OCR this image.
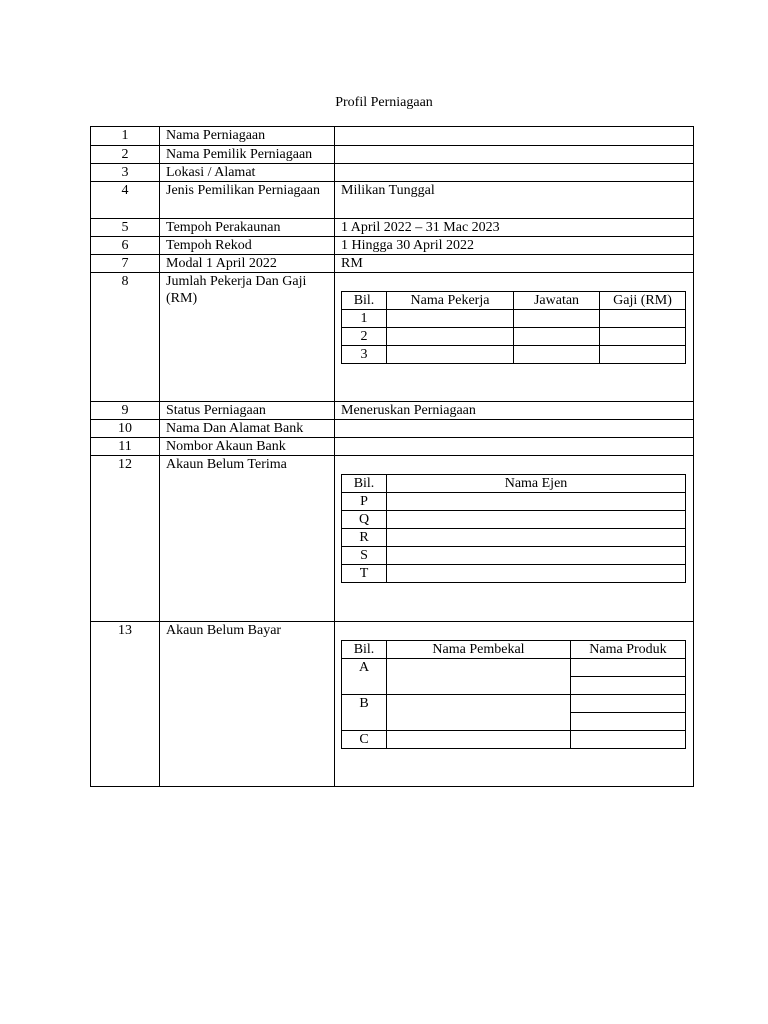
Profil Perniagaan
1	Nama Perniagaan	
2	Nama Pemilik Perniagaan	
3	Lokasi / Alamat	
4	Jenis Pemilikan Perniagaan	Milikan Tunggal
5	Tempoh Perakaunan	1 April 2022 – 31 Mac 2023
6	Tempoh Rekod	1 Hingga 30 April 2022
7	Modal 1 April 2022	RM
8	Jumlah Pekerja Dan Gaji (RM)		Bil.	Nama Pekerja	Jawatan	Gaji (RM)
1			
2			
3			

9	Status Perniagaan	Meneruskan Perniagaan
10	Nama Dan Alamat Bank	
11	Nombor Akaun Bank	
12	Akaun Belum Terima	
Bil.	Nama Ejen
P	
Q	
R	
S	
T	

13	Akaun Belum Bayar	
Bil.	Nama Pembekal	Nama Produk
A		

B		

C		
